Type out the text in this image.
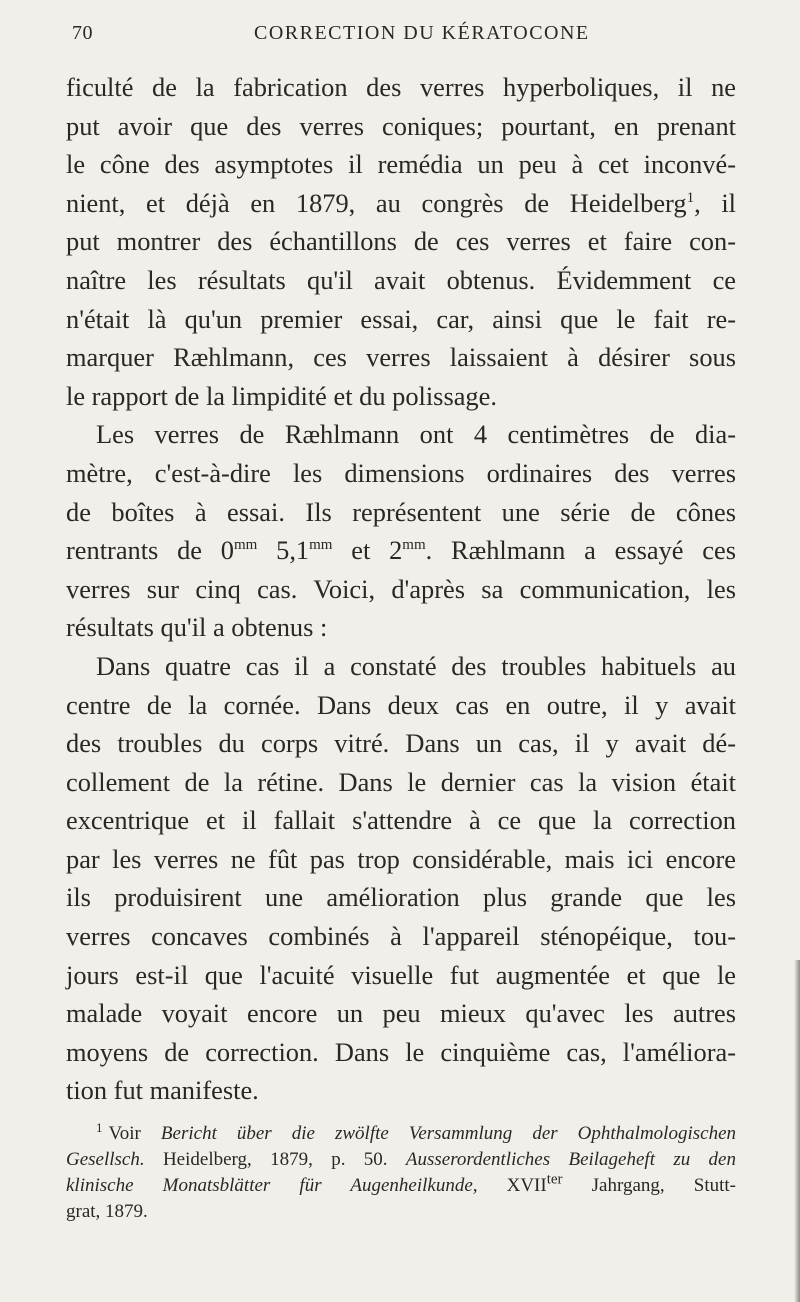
70	CORRECTION DU KÉRATOCONE
ficulté de la fabrication des verres hyperboliques, il ne
put avoir que des verres coniques; pourtant, en prenant
le cône des asymptotes il remédia un peu à cet inconvé-
nient, et déjà en 1879, au congrès de Heidelberg$^1$, il
put montrer des échantillons de ces verres et faire con-
naître les résultats qu'il avait obtenus. Évidemment ce
n'était là qu'un premier essai, car, ainsi que le fait re-
marquer Ræhlmann, ces verres laissaient à désirer sous
le rapport de la limpidité et du polissage.
Les verres de Ræhlmann ont 4 centimètres de dia-
mètre, c'est-à-dire les dimensions ordinaires des verres
de boîtes à essai. Ils représentent une série de cônes
rentrants de $0^{mm}$ $5,1^{mm}$ et $2^{mm}$. Ræhlmann a essayé ces
verres sur cinq cas. Voici, d'après sa communication, les
résultats qu'il a obtenus :
Dans quatre cas il a constaté des troubles habituels au
centre de la cornée. Dans deux cas en outre, il y avait
des troubles du corps vitré. Dans un cas, il y avait dé-
collement de la rétine. Dans le dernier cas la vision était
excentrique et il fallait s'attendre à ce que la correction
par les verres ne fût pas trop considérable, mais ici encore
ils produisirent une amélioration plus grande que les
verres concaves combinés à l'appareil sténopéique, tou-
jours est-il que l'acuité visuelle fut augmentée et que le
malade voyait encore un peu mieux qu'avec les autres
moyens de correction. Dans le cinquième cas, l'améliora-
tion fut manifeste.
$^1$ Voir Bericht über die zwölfte Versammlung der Ophthalmologischen
Gesellsch. Heidelberg, 1879, p. 50. Ausserordentliches Beilageheft zu den
klinische Monatsblätter für Augenheilkunde, $XVII^{ter}$ Jahrgang, Stutt-
grat, 1879.
